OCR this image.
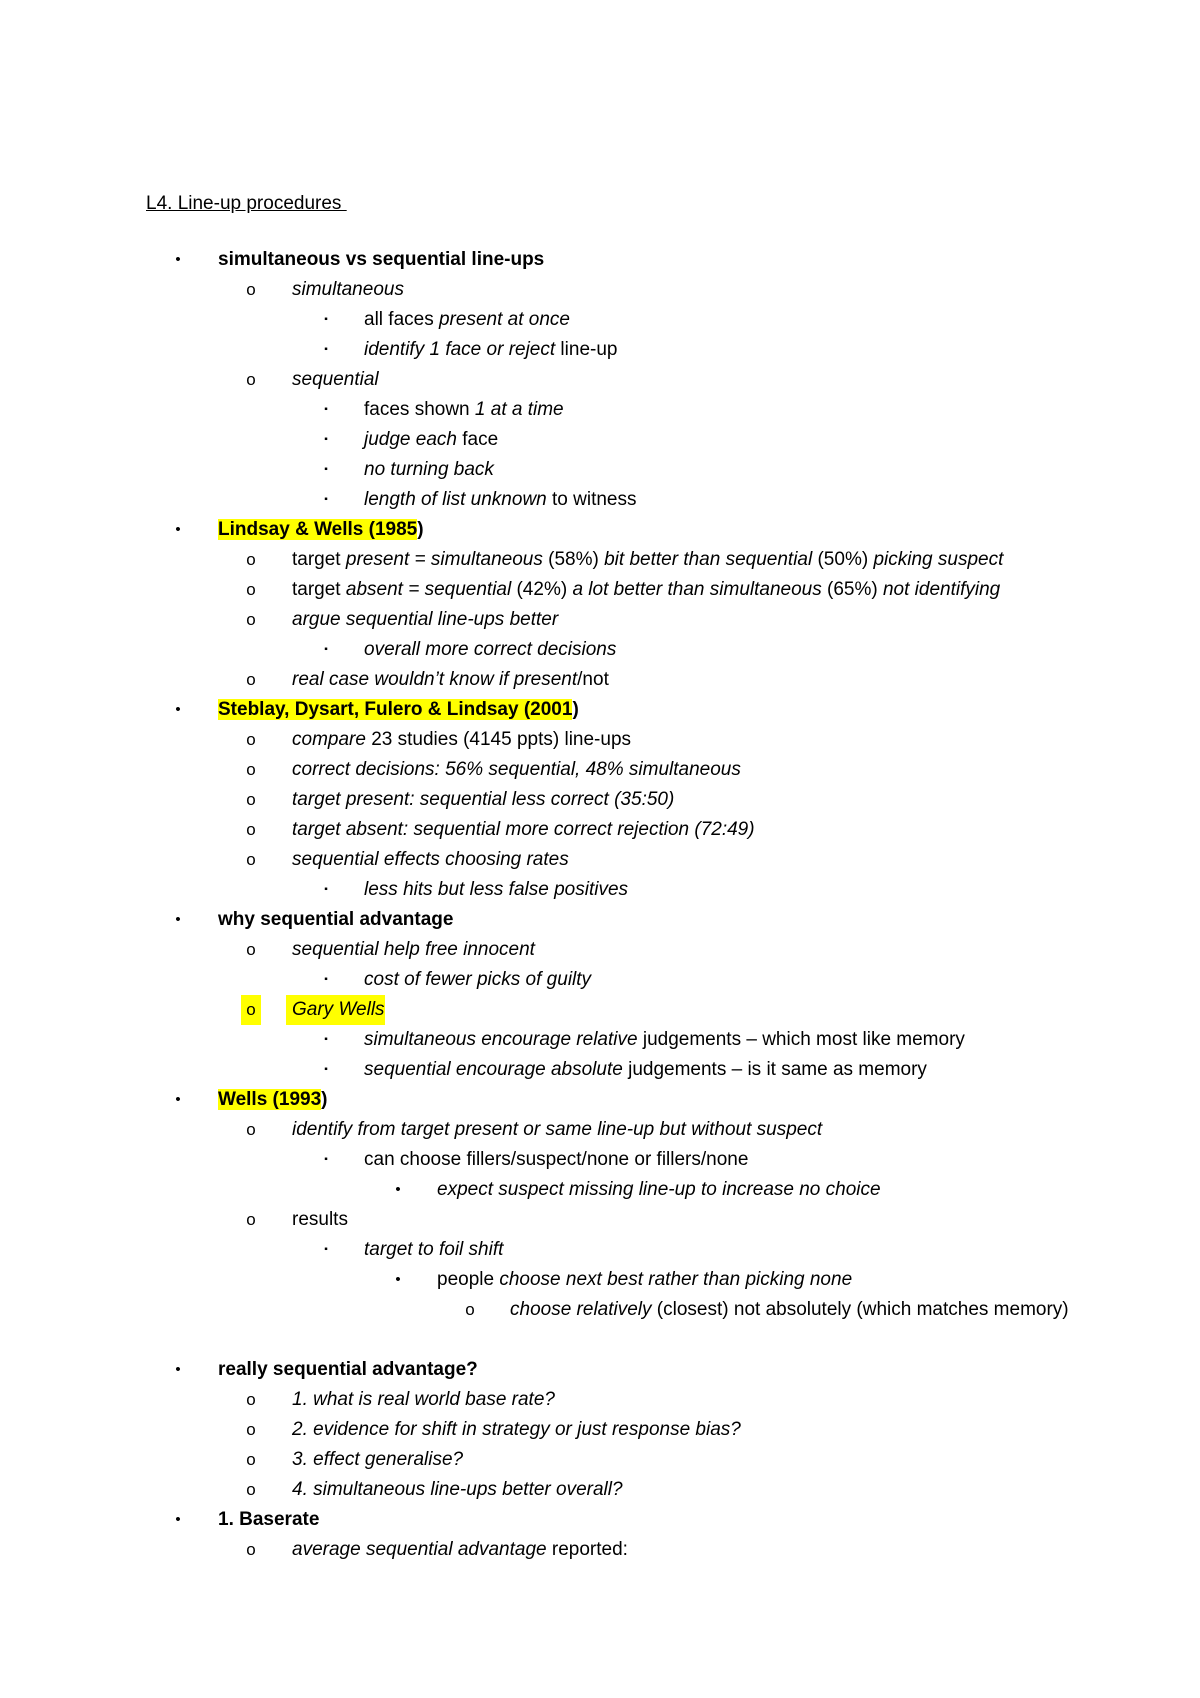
L4. Line-up procedures
•	simultaneous vs sequential line-ups
o simultaneous
▪	all faces present at once
▪	identify 1 face or reject line-up
o sequential
▪	faces shown 1 at a time
▪	judge each face
▪	no turning back
▪	length of list unknown to witness
•	Lindsay & Wells (1985)
o target present = simultaneous (58%) bit better than sequential (50%) picking suspect
o target absent = sequential (42%) a lot better than simultaneous (65%) not identifying
o argue sequential line-ups better
▪	overall more correct decisions
o real case wouldn’t know if present/not
•	Steblay, Dysart, Fulero & Lindsay (2001)
o compare 23 studies (4145 ppts) line-ups
o correct decisions: 56% sequential, 48% simultaneous
o target present: sequential less correct (35:50)
o target absent: sequential more correct rejection (72:49)
o sequential effects choosing rates
▪	less hits but less false positives
•	why sequential advantage
o sequential help free innocent
▪	cost of fewer picks of guilty
o	Gary Wells
▪	simultaneous encourage relative judgements – which most like memory
▪	sequential encourage absolute judgements – is it same as memory
•	Wells (1993)
o identify from target present or same line-up but without suspect
▪	can choose fillers/suspect/none or fillers/none
•	expect suspect missing line-up to increase no choice
o results
▪	target to foil shift
•	people choose next best rather than picking none
o choose relatively (closest) not absolutely (which matches memory)
•	really sequential advantage?
o 1. what is real world base rate?
o 2. evidence for shift in strategy or just response bias?
o 3. effect generalise?
o 4. simultaneous line-ups better overall?
•	1. Baserate
o average sequential advantage reported:
